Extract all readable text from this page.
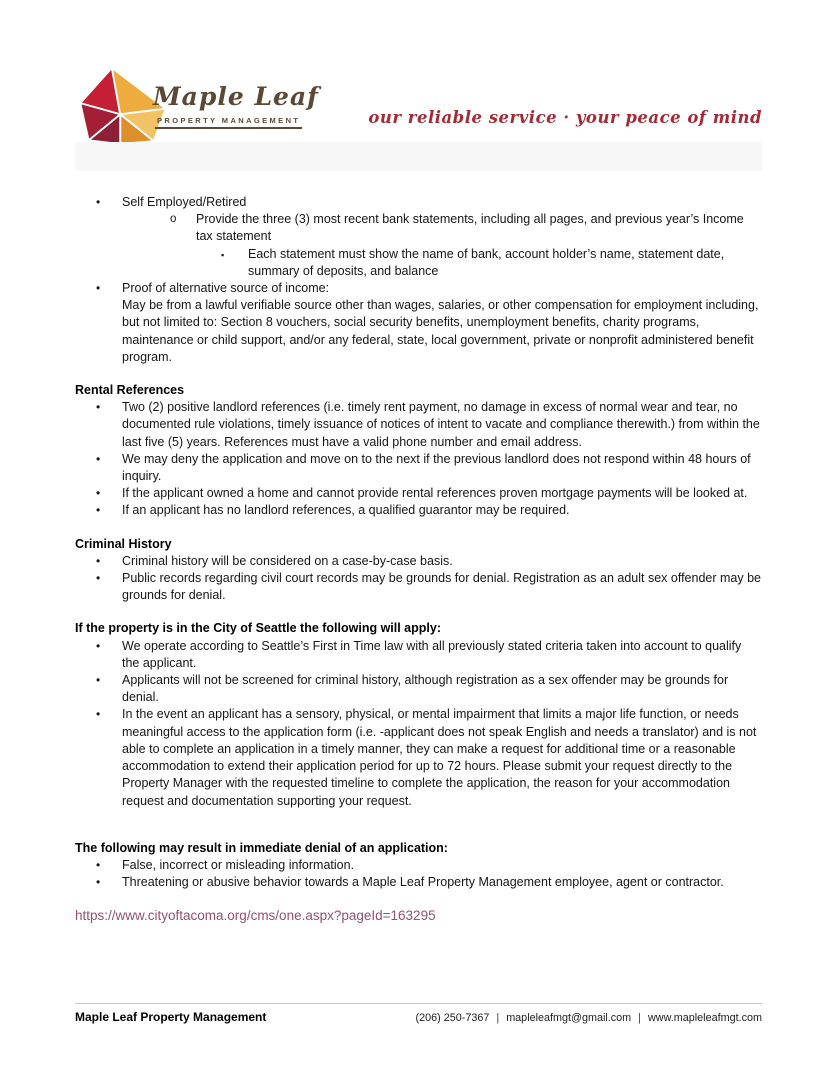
Maple Leaf
PROPERTY MANAGEMENT	our reliable service · your peace of mind
• Self Employed/Retired
o Provide the three (3) most recent bank statements, including all pages, and previous year’s Income tax statement
▪ Each statement must show the name of bank, account holder’s name, statement date, summary of deposits, and balance
• Proof of alternative source of income:
May be from a lawful verifiable source other than wages, salaries, or other compensation for employment including, but not limited to: Section 8 vouchers, social security benefits, unemployment benefits, charity programs, maintenance or child support, and/or any federal, state, local government, private or nonprofit administered benefit program.
Rental References
• Two (2) positive landlord references (i.e. timely rent payment, no damage in excess of normal wear and tear, no documented rule violations, timely issuance of notices of intent to vacate and compliance therewith.) from within the last five (5) years. References must have a valid phone number and email address.
• We may deny the application and move on to the next if the previous landlord does not respond within 48 hours of inquiry.
• If the applicant owned a home and cannot provide rental references proven mortgage payments will be looked at.
• If an applicant has no landlord references, a qualified guarantor may be required.
Criminal History
• Criminal history will be considered on a case-by-case basis.
• Public records regarding civil court records may be grounds for denial. Registration as an adult sex offender may be grounds for denial.
If the property is in the City of Seattle the following will apply:
• We operate according to Seattle’s First in Time law with all previously stated criteria taken into account to qualify the applicant.
• Applicants will not be screened for criminal history, although registration as a sex offender may be grounds for denial.
• In the event an applicant has a sensory, physical, or mental impairment that limits a major life function, or needs meaningful access to the application form (i.e. -applicant does not speak English and needs a translator) and is not able to complete an application in a timely manner, they can make a request for additional time or a reasonable accommodation to extend their application period for up to 72 hours. Please submit your request directly to the Property Manager with the requested timeline to complete the application, the reason for your accommodation request and documentation supporting your request.
The following may result in immediate denial of an application:
• False, incorrect or misleading information.
• Threatening or abusive behavior towards a Maple Leaf Property Management employee, agent or contractor.
https://www.cityoftacoma.org/cms/one.aspx?pageId=163295
Maple Leaf Property Management	(206) 250-7367 | mapleleafmgt@gmail.com | www.mapleleafmgt.com
